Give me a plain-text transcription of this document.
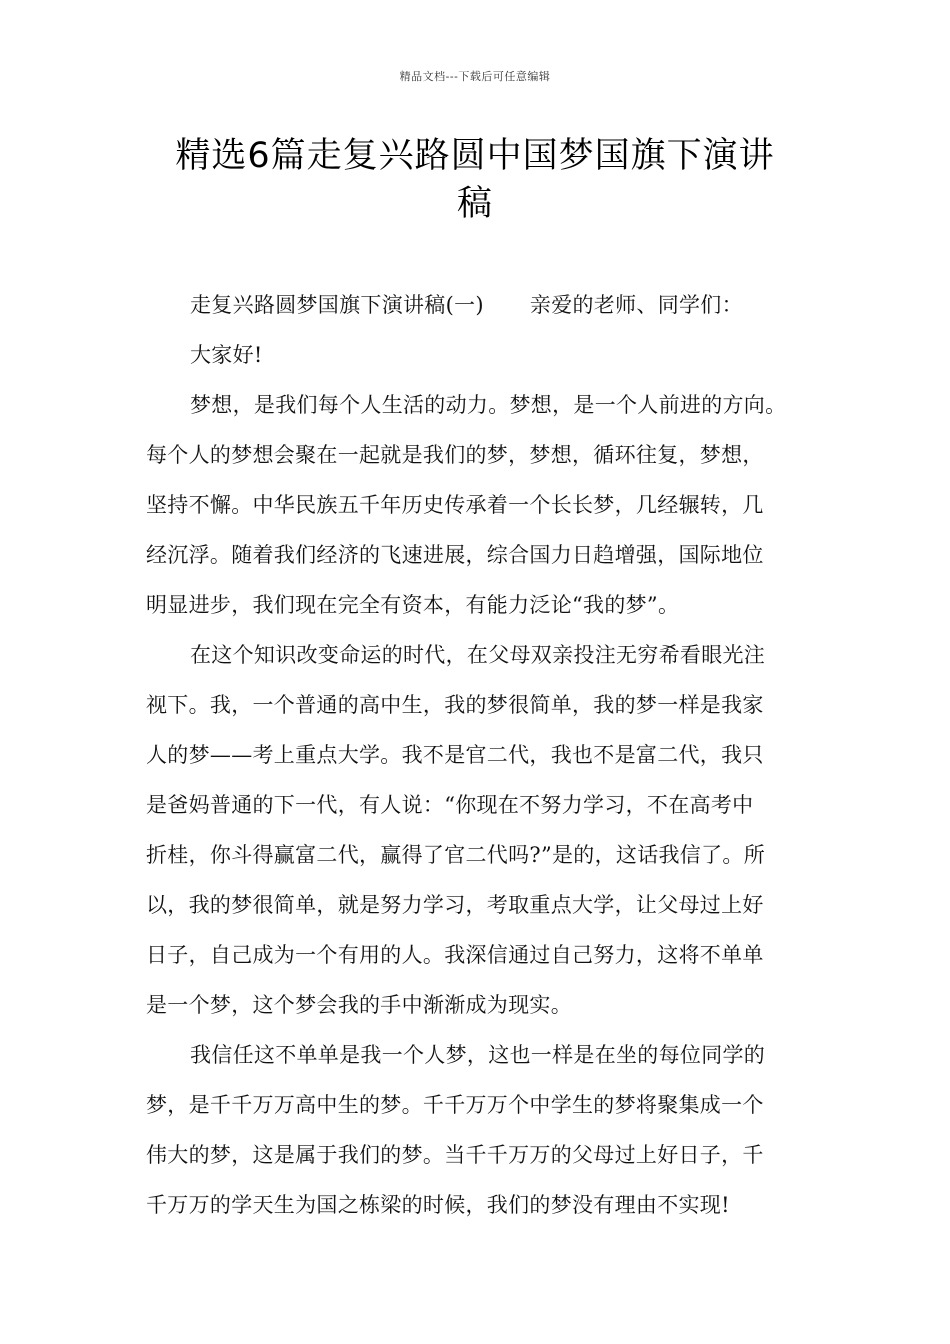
精品文档---下载后可任意编辑
精选6篇走复兴路圆中国梦国旗下演讲
稿
走复兴路圆梦国旗下演讲稿(一) 亲爱的老师、同学们：
大家好!
梦想，是我们每个人生活的动力。梦想，是一个人前进的方向。
每个人的梦想会聚在一起就是我们的梦，梦想，循环往复，梦想，
坚持不懈。中华民族五千年历史传承着一个长长梦，几经辗转，几
经沉浮。随着我们经济的飞速进展，综合国力日趋增强，国际地位
明显进步，我们现在完全有资本，有能力泛论“我的梦”。
在这个知识改变命运的时代，在父母双亲投注无穷希看眼光注
视下。我，一个普通的高中生，我的梦很简单，我的梦一样是我家
人的梦——考上重点大学。我不是官二代，我也不是富二代，我只
是爸妈普通的下一代，有人说：“你现在不努力学习，不在高考中
折桂，你斗得赢富二代，赢得了官二代吗?”是的，这话我信了。所
以，我的梦很简单，就是努力学习，考取重点大学，让父母过上好
日子，自己成为一个有用的人。我深信通过自己努力，这将不单单
是一个梦，这个梦会我的手中渐渐成为现实。
我信任这不单单是我一个人梦，这也一样是在坐的每位同学的
梦，是千千万万高中生的梦。千千万万个中学生的梦将聚集成一个
伟大的梦，这是属于我们的梦。当千千万万的父母过上好日子，千
千万万的学天生为国之栋梁的时候，我们的梦没有理由不实现!
